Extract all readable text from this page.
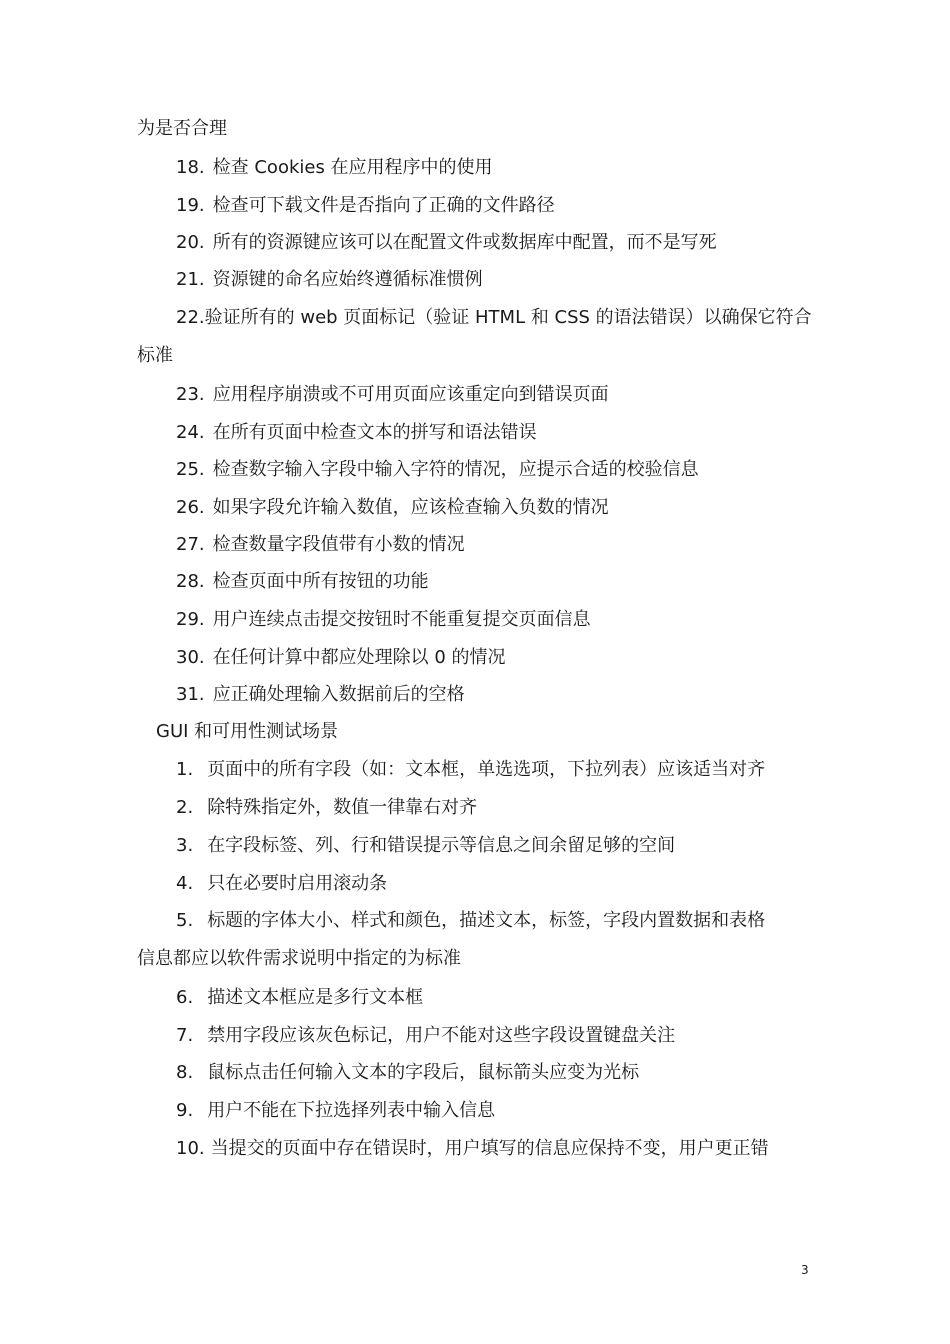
为是否合理
18. 检查 Cookies 在应用程序中的使用
19. 检查可下载文件是否指向了正确的文件路径
20. 所有的资源键应该可以在配置文件或数据库中配置，而不是写死
21. 资源键的命名应始终遵循标准惯例
22.验证所有的 web 页面标记（验证 HTML 和 CSS 的语法错误）以确保它符合
标准
23. 应用程序崩溃或不可用页面应该重定向到错误页面
24. 在所有页面中检查文本的拼写和语法错误
25. 检查数字输入字段中输入字符的情况，应提示合适的校验信息
26. 如果字段允许输入数值，应该检查输入负数的情况
27. 检查数量字段值带有小数的情况
28. 检查页面中所有按钮的功能
29. 用户连续点击提交按钮时不能重复提交页面信息
30. 在任何计算中都应处理除以 0 的情况
31. 应正确处理输入数据前后的空格
GUI 和可用性测试场景
1. 页面中的所有字段（如：文本框，单选选项，下拉列表）应该适当对齐
2. 除特殊指定外，数值一律靠右对齐
3. 在字段标签、列、行和错误提示等信息之间余留足够的空间
4. 只在必要时启用滚动条
5. 标题的字体大小、样式和颜色，描述文本，标签，字段内置数据和表格
信息都应以软件需求说明中指定的为标准
6. 描述文本框应是多行文本框
7. 禁用字段应该灰色标记，用户不能对这些字段设置键盘关注
8. 鼠标点击任何输入文本的字段后，鼠标箭头应变为光标
9. 用户不能在下拉选择列表中输入信息
10. 当提交的页面中存在错误时，用户填写的信息应保持不变，用户更正错
3
